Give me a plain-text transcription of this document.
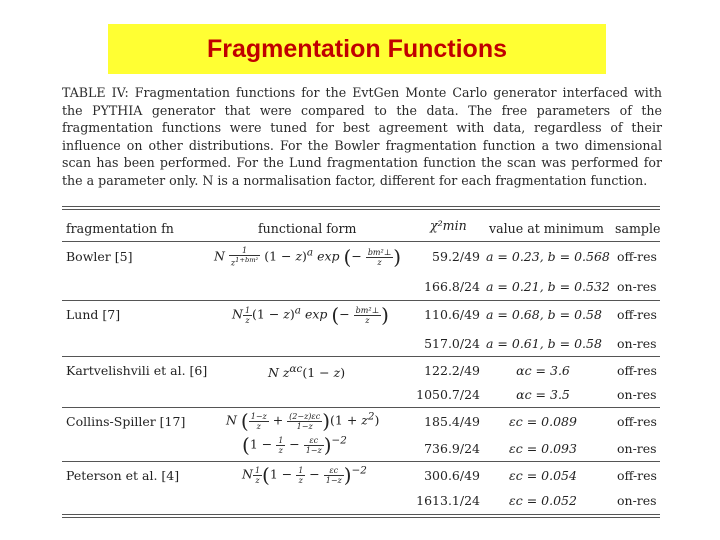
Fragmentation Functions
TABLE IV: Fragmentation functions for the EvtGen Monte Carlo generator interfaced with the PYTHIA generator that were compared to the data. The free parameters of the fragmentation functions were tuned for best agreement with data, regardless of their influence on other distributions. For the Bowler fragmentation function a two dimensional scan has been performed. For the Lund fragmentation function the scan was performed for the a parameter only. N is a normalisation factor, different for each fragmentation function.
fragmentation fn	functional form	χ²min value at minimum sample
Bowler [5]
Lund [7]
Kartvelishvili et al. [6]
Collins-Spiller [17]
Peterson et al. [4]
N $\frac{1}{z^{1+bm^2}} (1 - z)^a$ exp (− $\frac{\text{bm²⊥}}{z}$ )
N $\frac{1}{z} (1 - z)^a$ exp (− $\frac{\text{bm²⊥}}{z}$ )
N $z^{\alpha c}(1 - z)$
N ( $\frac{1-z}{z} + \frac{(2-z)\varepsilon c}{1-z} )(1 + z^2)$
$(1 - \frac{1}{z} - \frac{\varepsilon c}{1-z} )^{-2}$
N $\frac{1}{z} (1 - \frac{1}{z} - \frac{\varepsilon c}{1-z} )^{-2}$
59.2/49
166.8/24
110.6/49
517.0/24
122.2/49
1050.7/24
185.4/49
736.9/24
300.6/49
1613.1/24
a = 0.23, b = 0.568
a = 0.21, b = 0.532
a = 0.68, b = 0.58
a = 0.61, b = 0.58
αc = 3.6
αc = 3.5
εc = 0.089
εc = 0.093
εc = 0.054
εc = 0.052
off-res
on-res
off-res
on-res
off-res
on-res
off-res
on-res
off-res
on-res
